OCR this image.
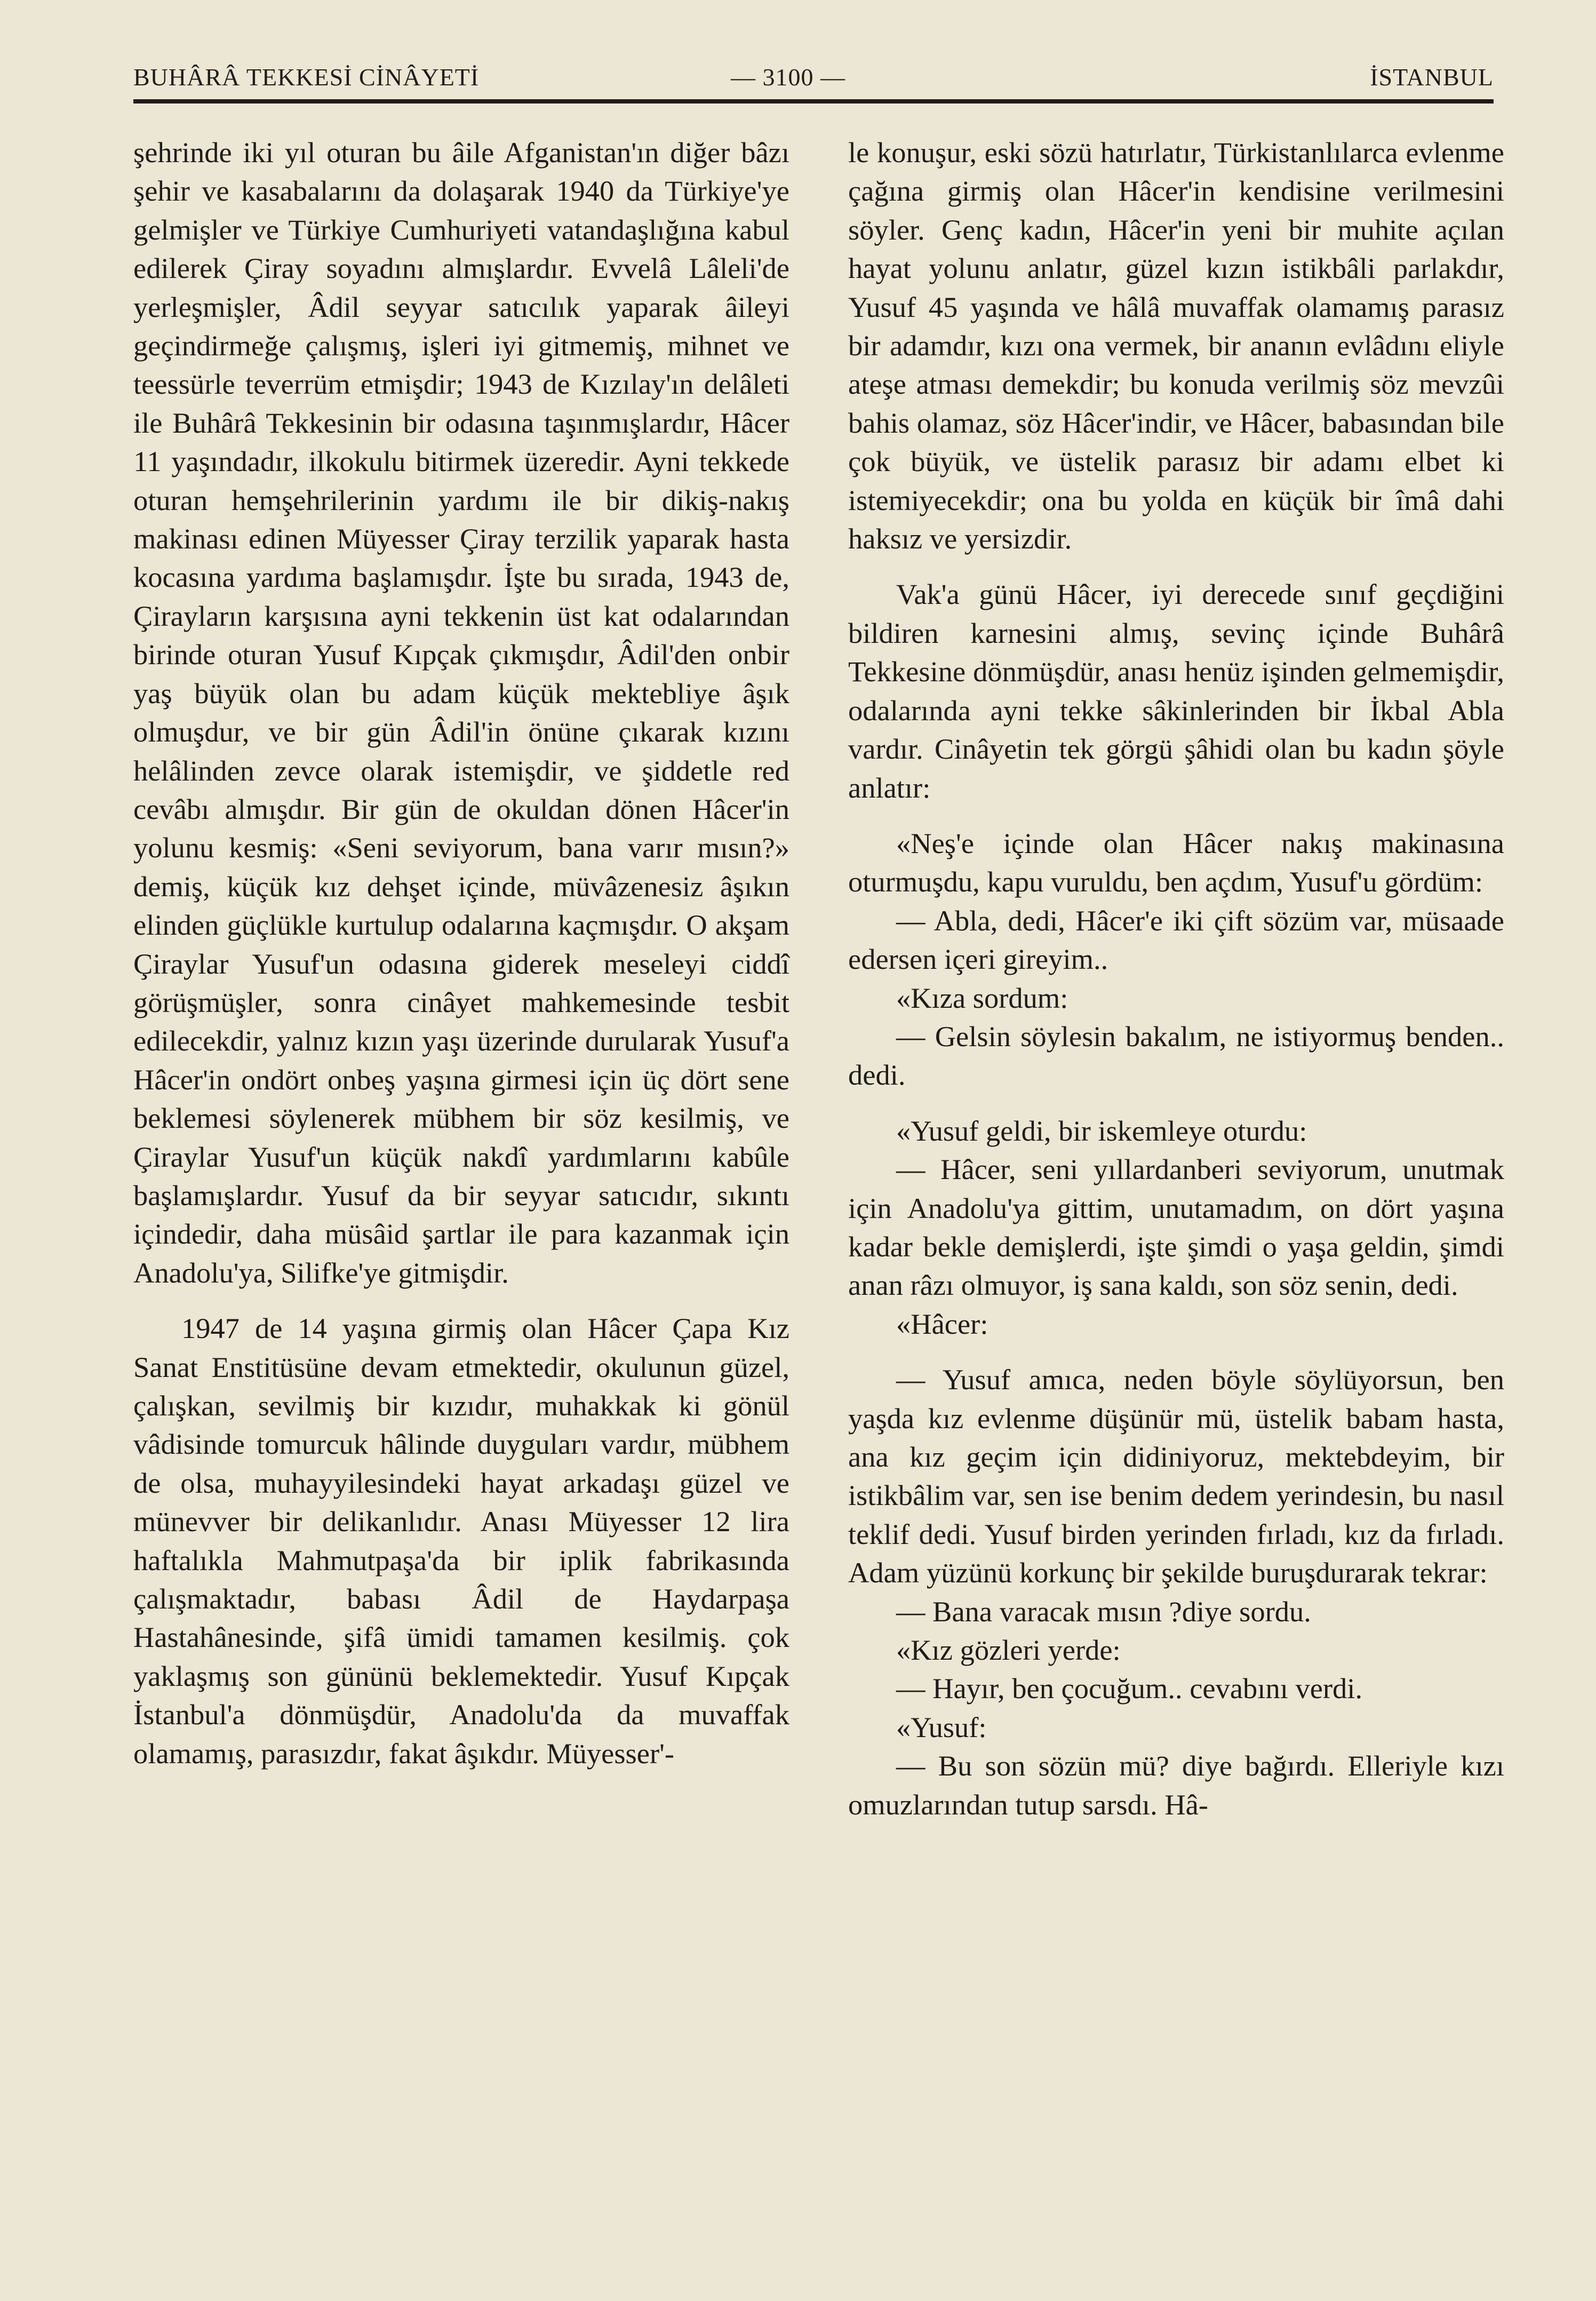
BUHÂRÂ TEKKESİ CİNÂYETİ	— 3100 —	İSTANBUL

şehrinde iki yıl oturan bu âile Afganistan'ın diğer bâzı şehir ve kasabalarını da dolaşarak 1940 da Türkiye'ye gelmişler ve Türkiye Cumhuriyeti vatandaşlığına kabul edilerek Çiray soyadını almışlardır. Evvelâ Lâleli'de yerleşmişler, Âdil seyyar satıcılık yaparak âileyi geçindirmeğe çalışmış, işleri iyi gitmemiş, mihnet ve teessürle teverrüm etmişdir; 1943 de Kızılay'ın delâleti ile Buhârâ Tekkesinin bir odasına taşınmışlardır, Hâcer 11 yaşındadır, ilkokulu bitirmek üzeredir. Ayni tekkede oturan hemşehrilerinin yardımı ile bir dikiş-nakış makinası edinen Müyesser Çiray terzilik yaparak hasta kocasına yardıma başlamışdır. İşte bu sırada, 1943 de, Çirayların karşısına ayni tekkenin üst kat odalarından birinde oturan Yusuf Kıpçak çıkmışdır, Âdil'den onbir yaş büyük olan bu adam küçük mektebliye âşık olmuşdur, ve bir gün Âdil'in önüne çıkarak kızını helâlinden zevce olarak istemişdir, ve şiddetle red cevâbı almışdır. Bir gün de okuldan dönen Hâcer'in yolunu kesmiş: «Seni seviyorum, bana varır mısın?» demiş, küçük kız dehşet içinde, müvâzenesiz âşıkın elinden güçlükle kurtulup odalarına kaçmışdır. O akşam Çiraylar Yusuf'un odasına giderek meseleyi ciddî görüşmüşler, sonra cinâyet mahkemesinde tesbit edilecekdir, yalnız kızın yaşı üzerinde durularak Yusuf'a Hâcer'in ondört onbeş yaşına girmesi için üç dört sene beklemesi söylenerek mübhem bir söz kesilmiş, ve Çiraylar Yusuf'un küçük nakdî yardımlarını kabûle başlamışlardır. Yusuf da bir seyyar satıcıdır, sıkıntı içindedir, daha müsâid şartlar ile para kazanmak için Anadolu'ya, Silifke'ye gitmişdir.

1947 de 14 yaşına girmiş olan Hâcer Çapa Kız Sanat Enstitüsüne devam etmektedir, okulunun güzel, çalışkan, sevilmiş bir kızıdır, muhakkak ki gönül vâdisinde tomurcuk hâlinde duyguları vardır, mübhem de olsa, muhayyilesindeki hayat arkadaşı güzel ve münevver bir delikanlıdır. Anası Müyesser 12 lira haftalıkla Mahmutpaşa'da bir iplik fabrikasında çalışmaktadır, babası Âdil de Haydarpaşa Hastahânesinde, şifâ ümidi tamamen kesilmiş. çok yaklaşmış son gününü beklemektedir. Yusuf Kıpçak İstanbul'a dönmüşdür, Anadolu'da da muvaffak olamamış, parasızdır, fakat âşıkdır. Müyesser'-

le konuşur, eski sözü hatırlatır, Türkistanlılarca evlenme çağına girmiş olan Hâcer'in kendisine verilmesini söyler. Genç kadın, Hâcer'in yeni bir muhite açılan hayat yolunu anlatır, güzel kızın istikbâli parlakdır, Yusuf 45 yaşında ve hâlâ muvaffak olamamış parasız bir adamdır, kızı ona vermek, bir ananın evlâdını eliyle ateşe atması demekdir; bu konuda verilmiş söz mevzûi bahis olamaz, söz Hâcer'indir, ve Hâcer, babasından bile çok büyük, ve üstelik parasız bir adamı elbet ki istemiyecekdir; ona bu yolda en küçük bir îmâ dahi haksız ve yersizdir.

Vak'a günü Hâcer, iyi derecede sınıf geçdiğini bildiren karnesini almış, sevinç içinde Buhârâ Tekkesine dönmüşdür, anası henüz işinden gelmemişdir, odalarında ayni tekke sâkinlerinden bir İkbal Abla vardır. Cinâyetin tek görgü şâhidi olan bu kadın şöyle anlatır:

«Neş'e içinde olan Hâcer nakış makinasına oturmuşdu, kapu vuruldu, ben açdım, Yusuf'u gördüm:

— Abla, dedi, Hâcer'e iki çift sözüm var, müsaade edersen içeri gireyim..

«Kıza sordum:

— Gelsin söylesin bakalım, ne istiyormuş benden.. dedi.

«Yusuf geldi, bir iskemleye oturdu:

— Hâcer, seni yıllardanberi seviyorum, unutmak için Anadolu'ya gittim, unutamadım, on dört yaşına kadar bekle demişlerdi, işte şimdi o yaşa geldin, şimdi anan râzı olmuyor, iş sana kaldı, son söz senin, dedi.

«Hâcer:

— Yusuf amıca, neden böyle söylüyorsun, ben yaşda kız evlenme düşünür mü, üstelik babam hasta, ana kız geçim için didiniyoruz, mektebdeyim, bir istikbâlim var, sen ise benim dedem yerindesin, bu nasıl teklif dedi. Yusuf birden yerinden fırladı, kız da fırladı. Adam yüzünü korkunç bir şekilde buruşdurarak tekrar:

— Bana varacak mısın ?diye sordu.

«Kız gözleri yerde:

— Hayır, ben çocuğum.. cevabını verdi.

«Yusuf:

— Bu son sözün mü? diye bağırdı. Elleriyle kızı omuzlarından tutup sarsdı. Hâ-
